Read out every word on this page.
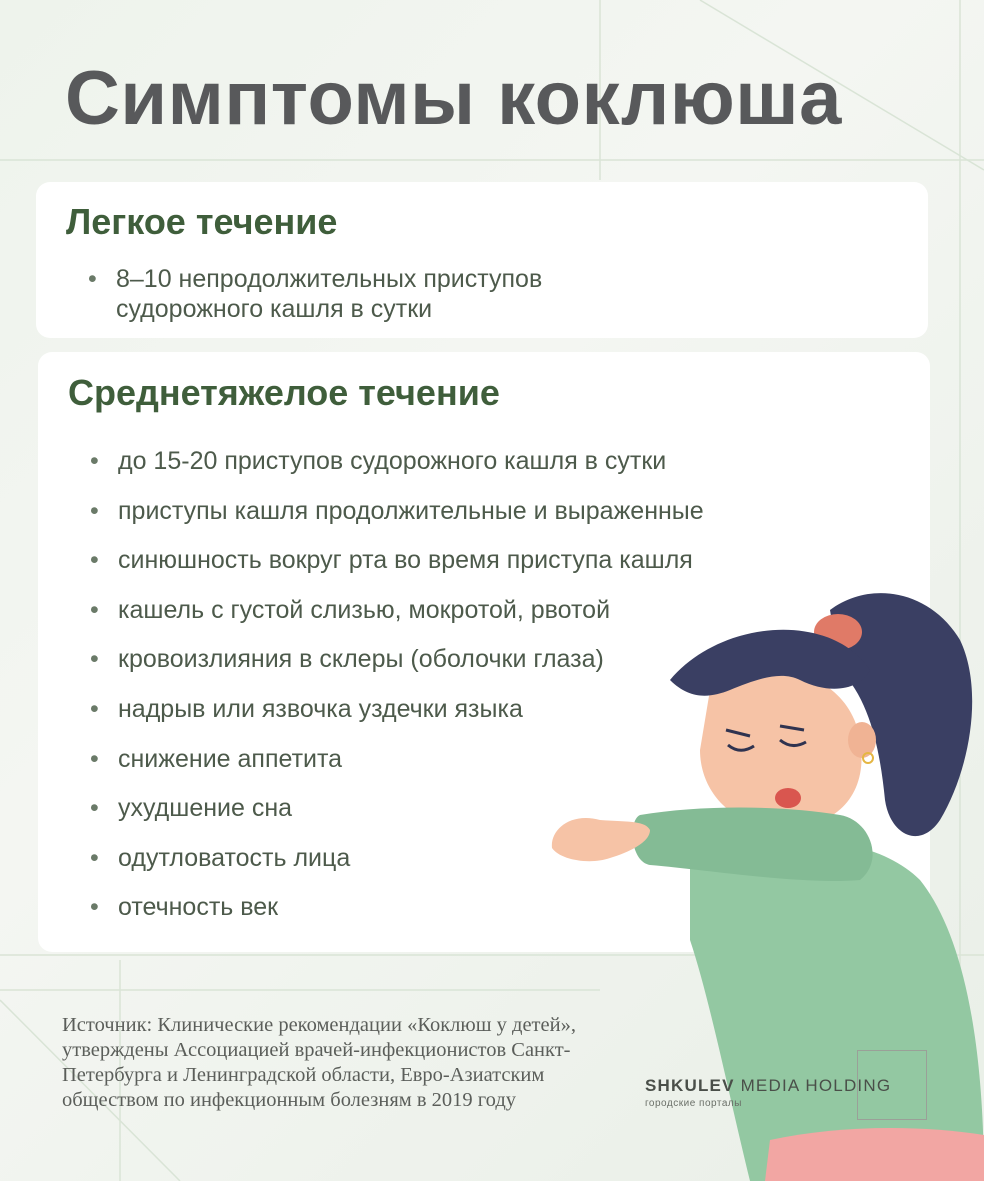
Симптомы коклюша
Легкое течение
• 8–10 непродолжительных приступов судорожного кашля в сутки
Среднетяжелое течение
• до 15-20 приступов судорожного кашля в сутки
• приступы кашля продолжительные и выраженные
• синюшность вокруг рта во время приступа кашля
• кашель с густой слизью, мокротой, рвотой
• кровоизлияния в склеры (оболочки глаза)
• надрыв или язвочка уздечки языка
• снижение аппетита
• ухудшение сна
• одутловатость лица
• отечность век

Источник: Клинические рекомендации «Коклюш у детей», утверждены Ассоциацией врачей-инфекционистов Санкт-Петербурга и Ленинградской области, Евро-Азиатским обществом по инфекционным болезням в 2019 году

SHKULEV MEDIA HOLDING
городские порталы
